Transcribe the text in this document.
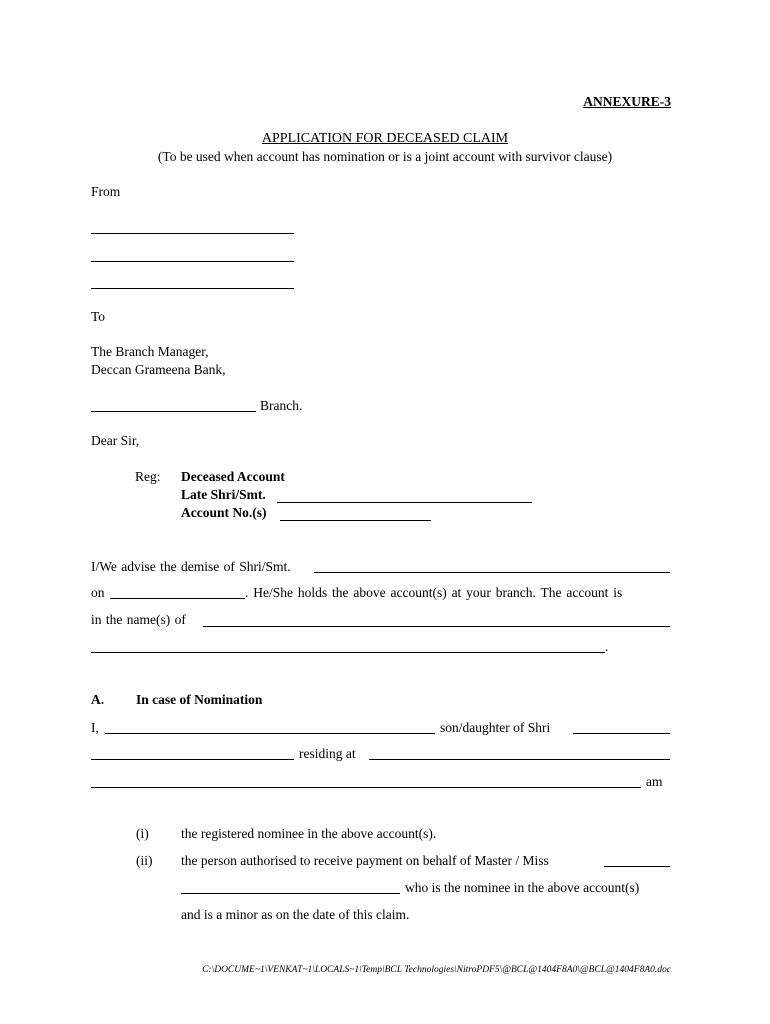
ANNEXURE-3
APPLICATION FOR DECEASED CLAIM
(To be used when account has nomination or is a joint account with survivor clause)
From
To
The Branch Manager,
Deccan Grameena Bank,
Branch.
Dear Sir,
Reg: Deceased Account
Late Shri/Smt.
Account No.(s)
I/We advise the demise of Shri/Smt.
on	. He/She holds the above account(s) at your branch. The account is
in the name(s) of
.
A. In case of Nomination
I,	son/daughter of Shri
residing at
am
(i) the registered nominee in the above account(s).
(ii) the person authorised to receive payment on behalf of Master / Miss
who is the nominee in the above account(s)
and is a minor as on the date of this claim.
C:\DOCUME~1\VENKAT~1\LOCALS~1\Temp\BCL Technologies\NitroPDF5\@BCL@1404F8A0\@BCL@1404F8A0.doc
